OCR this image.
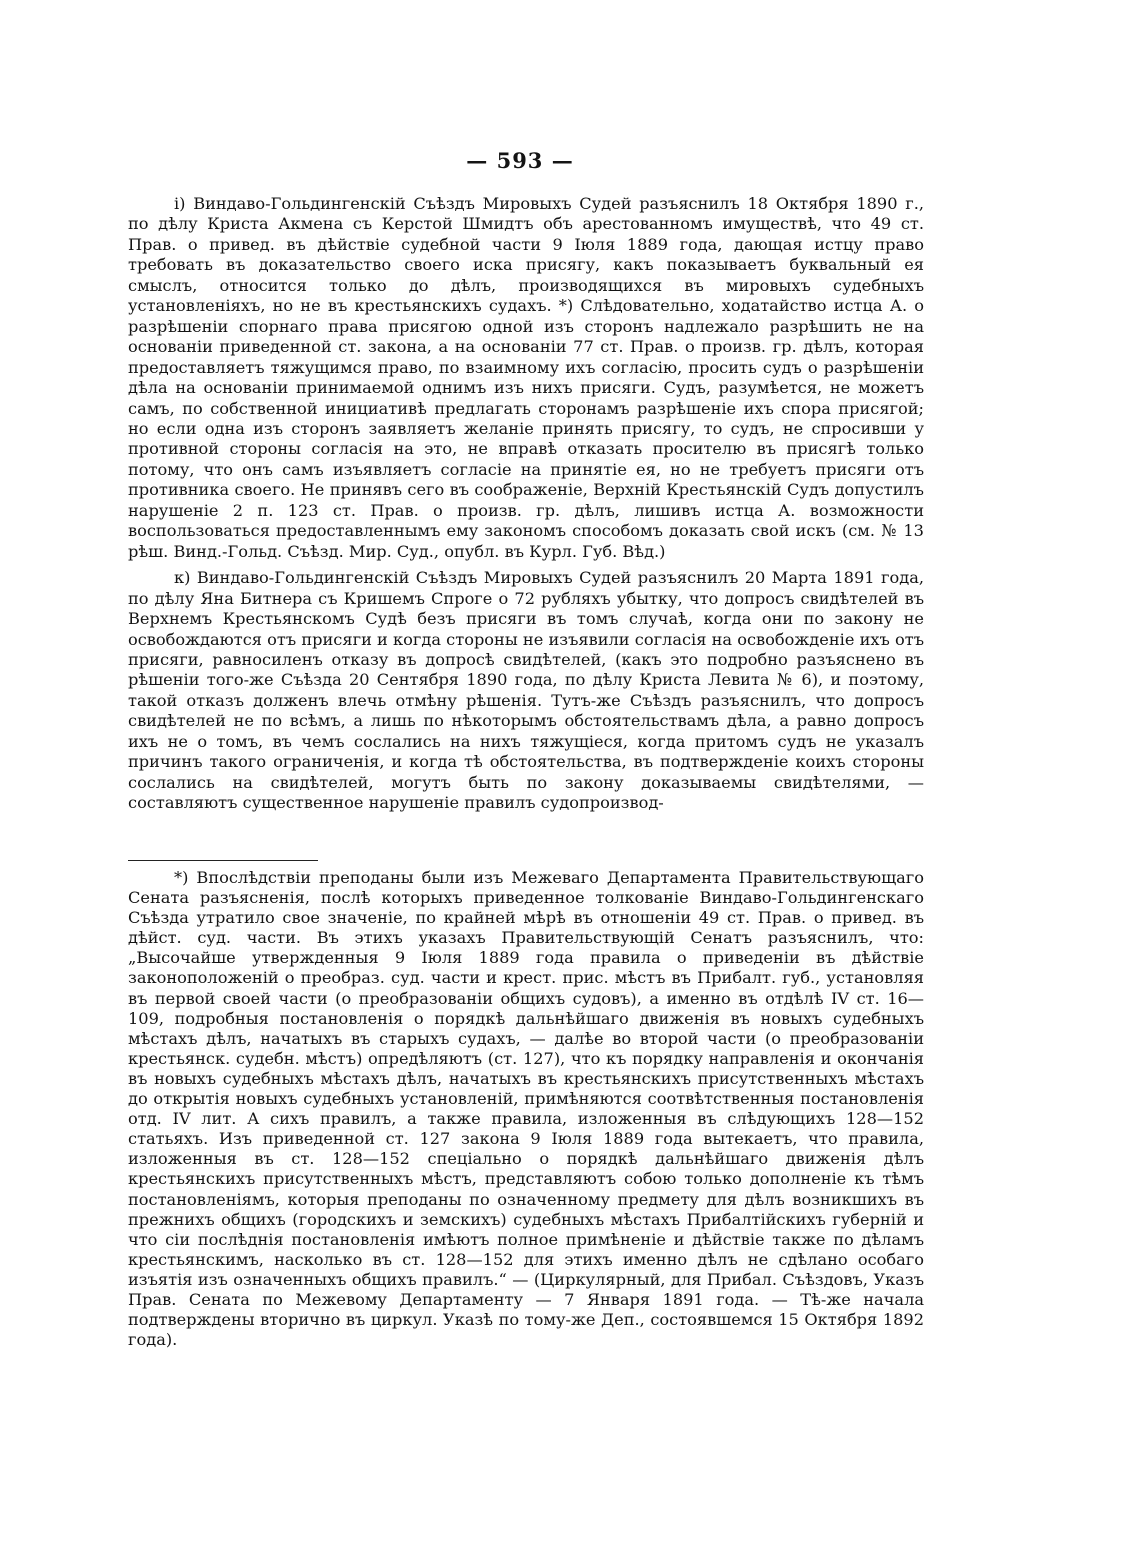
— 593 —

i) Виндаво-Гольдингенскій Съѣздъ Мировыхъ Судей разъяснилъ 18 Октября 1890 г., по дѣлу Криста Акмена съ Керстой Шмидтъ объ арестованномъ имуществѣ, что 49 ст. Прав. о привед. въ дѣйствіе судебной части 9 Іюля 1889 года, дающая истцу право требовать въ доказательство своего иска присягу, какъ показываетъ буквальный ея смыслъ, относится только до дѣлъ, производящихся въ мировыхъ судебныхъ установленіяхъ, но не въ крестьянскихъ судахъ. *) Слѣдовательно, ходатайство истца А. о разрѣшеніи спорнаго права присягою одной изъ сторонъ надлежало разрѣшить не на основаніи приведенной ст. закона, а на основаніи 77 ст. Прав. о произв. гр. дѣлъ, которая предоставляетъ тяжущимся право, по взаимному ихъ согласію, просить судъ о разрѣшеніи дѣла на основаніи принимаемой однимъ изъ нихъ присяги. Судъ, разумѣется, не можетъ самъ, по собственной инициативѣ предлагать сторонамъ разрѣшеніе ихъ спора присягой; но если одна изъ сторонъ заявляетъ желаніе принять присягу, то судъ, не спросивши у противной стороны согласія на это, не вправѣ отказать просителю въ присягѣ только потому, что онъ самъ изъявляетъ согласіе на принятіе ея, но не требуетъ присяги отъ противника своего. Не принявъ сего въ соображеніе, Верхній Крестьянскій Судъ допустилъ нарушеніе 2 п. 123 ст. Прав. о произв. гр. дѣлъ, лишивъ истца А. возможности воспользоваться предоставленнымъ ему закономъ способомъ доказать свой искъ (см. № 13 рѣш. Винд.-Гольд. Съѣзд. Мир. Суд., опубл. въ Курл. Губ. Вѣд.)

к) Виндаво-Гольдингенскій Съѣздъ Мировыхъ Судей разъяснилъ 20 Марта 1891 года, по дѣлу Яна Битнера съ Кришемъ Спроге о 72 рубляхъ убытку, что допросъ свидѣтелей въ Верхнемъ Крестьянскомъ Судѣ безъ присяги въ томъ случаѣ, когда они по закону не освобождаются отъ присяги и когда стороны не изъявили согласія на освобожденіе ихъ отъ присяги, равносиленъ отказу въ допросѣ свидѣтелей, (какъ это подробно разъяснено въ рѣшеніи того-же Съѣзда 20 Сентября 1890 года, по дѣлу Криста Левита № 6), и поэтому, такой отказъ долженъ влечь отмѣну рѣшенія. Тутъ-же Съѣздъ разъяснилъ, что допросъ свидѣтелей не по всѣмъ, а лишь по нѣкоторымъ обстоятельствамъ дѣла, а равно допросъ ихъ не о томъ, въ чемъ сослались на нихъ тяжущіеся, когда притомъ судъ не указалъ причинъ такого ограниченія, и когда тѣ обстоятельства, въ подтвержденіе коихъ стороны сослались на свидѣтелей, могутъ быть по закону доказываемы свидѣтелями, — составляютъ существенное нарушеніе правилъ судопроизвод-

*) Впослѣдствіи преподаны были изъ Межеваго Департамента Правительствующаго Сената разъясненія, послѣ которыхъ приведенное толкованіе Виндаво-Гольдингенскаго Съѣзда утратило свое значеніе, по крайней мѣрѣ въ отношеніи 49 ст. Прав. о привед. въ дѣйст. суд. части. Въ этихъ указахъ Правительствующій Сенатъ разъяснилъ, что: „Высочайше утвержденныя 9 Іюля 1889 года правила о приведеніи въ дѣйствіе законоположеній о преобраз. суд. части и крест. прис. мѣстъ въ Прибалт. губ., установляя въ первой своей части (о преобразованіи общихъ судовъ), а именно въ отдѣлѣ IV ст. 16—109, подробныя постановленія о порядкѣ дальнѣйшаго движенія въ новыхъ судебныхъ мѣстахъ дѣлъ, начатыхъ въ старыхъ судахъ, — далѣе во второй части (о преобразованіи крестьянск. судебн. мѣстъ) опредѣляютъ (ст. 127), что къ порядку направленія и окончанія въ новыхъ судебныхъ мѣстахъ дѣлъ, начатыхъ въ крестьянскихъ присутственныхъ мѣстахъ до открытія новыхъ судебныхъ установленій, примѣняются соотвѣтственныя постановленія отд. IV лит. А сихъ правилъ, а также правила, изложенныя въ слѣдующихъ 128—152 статьяхъ. Изъ приведенной ст. 127 закона 9 Іюля 1889 года вытекаетъ, что правила, изложенныя въ ст. 128—152 спеціально о порядкѣ дальнѣйшаго движенія дѣлъ крестьянскихъ присутственныхъ мѣстъ, представляютъ собою только дополненіе къ тѣмъ постановленіямъ, которыя преподаны по означенному предмету для дѣлъ возникшихъ въ прежнихъ общихъ (городскихъ и земскихъ) судебныхъ мѣстахъ Прибалтійскихъ губерній и что сіи послѣднія постановленія имѣютъ полное примѣненіе и дѣйствіе также по дѣламъ крестьянскимъ, насколько въ ст. 128—152 для этихъ именно дѣлъ не сдѣлано особаго изъятія изъ означенныхъ общихъ правилъ.“ — (Циркулярный, для Прибал. Съѣздовъ, Указъ Прав. Сената по Межевому Департаменту — 7 Января 1891 года. — Тѣ-же начала подтверждены вторично въ циркул. Указѣ по тому-же Деп., состоявшемся 15 Октября 1892 года).
